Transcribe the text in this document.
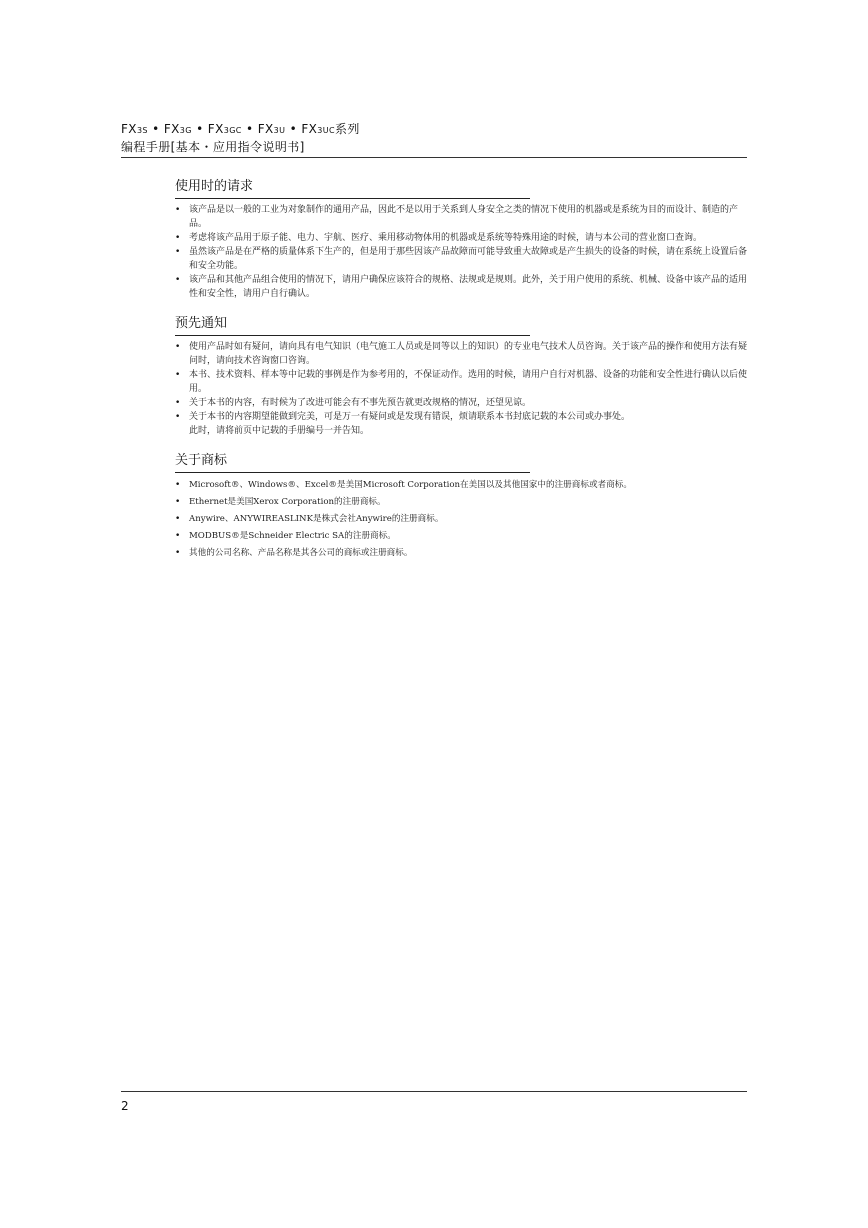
FX3S • FX3G • FX3GC • FX3U • FX3UC系列
编程手册[基本・应用指令说明书]
使用时的请求
• 该产品是以一般的工业为对象制作的通用产品，因此不是以用于关系到人身安全之类的情况下使用的机器或是系统为目的而设计、制造的产品。
• 考虑将该产品用于原子能、电力、宇航、医疗、乘用移动物体用的机器或是系统等特殊用途的时候，请与本公司的营业窗口查询。
• 虽然该产品是在严格的质量体系下生产的，但是用于那些因该产品故障而可能导致重大故障或是产生损失的设备的时候，请在系统上设置后备和安全功能。
• 该产品和其他产品组合使用的情况下，请用户确保应该符合的规格、法规或是规则。此外，关于用户使用的系统、机械、设备中该产品的适用性和安全性，请用户自行确认。
预先通知
• 使用产品时如有疑问，请向具有电气知识（电气施工人员或是同等以上的知识）的专业电气技术人员咨询。关于该产品的操作和使用方法有疑问时，请向技术咨询窗口咨询。
• 本书、技术资料、样本等中记载的事例是作为参考用的，不保证动作。选用的时候，请用户自行对机器、设备的功能和安全性进行确认以后使用。
• 关于本书的内容，有时候为了改进可能会有不事先预告就更改规格的情况，还望见谅。
• 关于本书的内容期望能做到完美，可是万一有疑问或是发现有错误，烦请联系本书封底记载的本公司或办事处。
此时，请将前页中记载的手册编号一并告知。
关于商标
• Microsoft®、Windows®、Excel®是美国Microsoft Corporation在美国以及其他国家中的注册商标或者商标。
• Ethernet是美国Xerox Corporation的注册商标。
• Anywire、ANYWIREASLINK是株式会社Anywire的注册商标。
• MODBUS®是Schneider Electric SA的注册商标。
• 其他的公司名称、产品名称是其各公司的商标或注册商标。
2
